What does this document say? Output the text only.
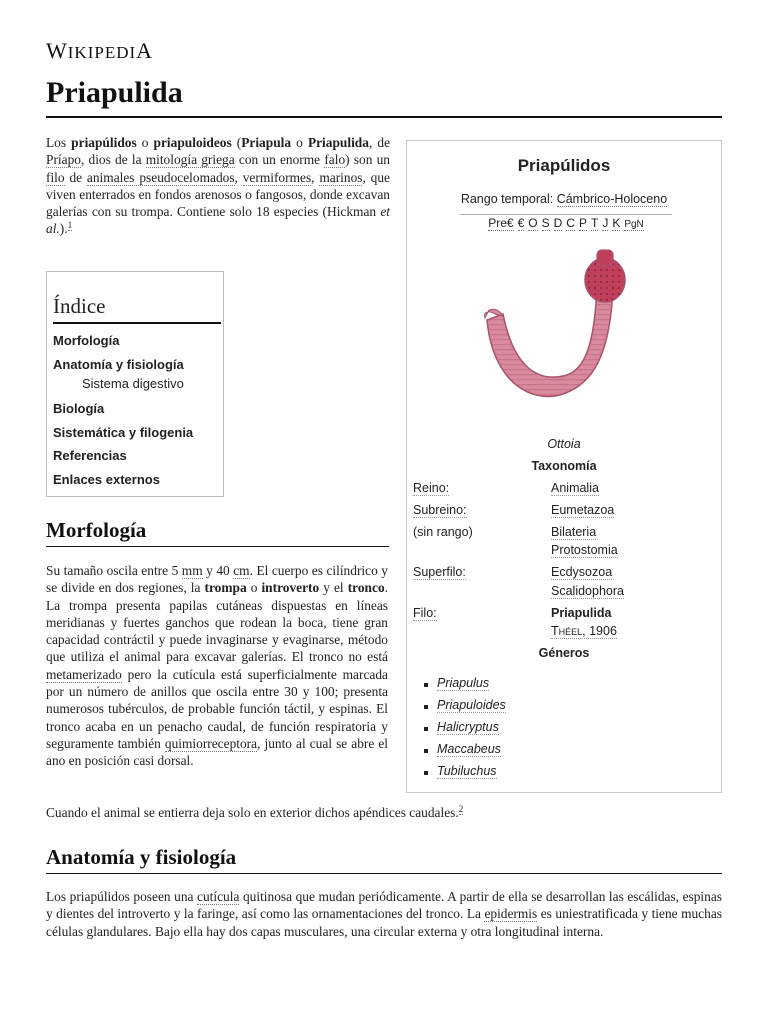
WIKIPEDIA
Priapulida

Los priapúlidos o priapuloideos (Priapula o Priapulida, de Príapo, dios de la mitología griega con un enorme falo) son un filo de animales pseudocelomados, vermiformes, marinos, que viven enterrados en fondos arenosos o fangosos, donde excavan galerías con su trompa. Contiene solo 18 especies (Hickman et al.).$^1$

Índice
Morfología
Anatomía y fisiología
Sistema digestivo
Biología
Sistemática y filogenia
Referencias
Enlaces externos
Morfología

Su tamaño oscila entre 5 mm y 40 cm. El cuerpo es cilíndrico y se divide en dos regiones, la trompa o introverto y el tronco. La trompa presenta papilas cutáneas dispuestas en líneas meridianas y fuertes ganchos que rodean la boca, tiene gran capacidad contráctil y puede invaginarse y evaginarse, método que utiliza el animal para excavar galerías. El tronco no está metamerizado pero la cutícula está superficialmente marcada por un número de anillos que oscila entre 30 y 100; presenta numerosos tubérculos, de probable función táctil, y espinas. El tronco acaba en un penacho caudal, de función respiratoria y seguramente también quimiorreceptora, junto al cual se abre el ano en posición casi dorsal.

Cuando el animal se entierra deja solo en exterior dichos apéndices caudales.$^2$

Anatomía y fisiología

Los priapúlidos poseen una cutícula quitinosa que mudan periódicamente. A partir de ella se desarrollan las escálidas, espinas y dientes del introverto y la faringe, así como las ornamentaciones del tronco. La epidermis es uniestratificada y tiene muchas células glandulares. Bajo ella hay dos capas musculares, una circular externa y otra longitudinal interna.

Priapúlidos
Rango temporal: Cámbrico-Holoceno
Pre€ € O S D C P T J K PgN
Ottoia
Taxonomía
Reino:	Animalia
Subreino:	Eumetazoa
(sin rango)	Bilateria
Protostomia
Superfilo:	Ecdysozoa
Scalidophora
Filo:	Priapulida
Théel, 1906
Géneros
Priapulus
Priapuloides
Halicryptus
Maccabeus
Tubiluchus
